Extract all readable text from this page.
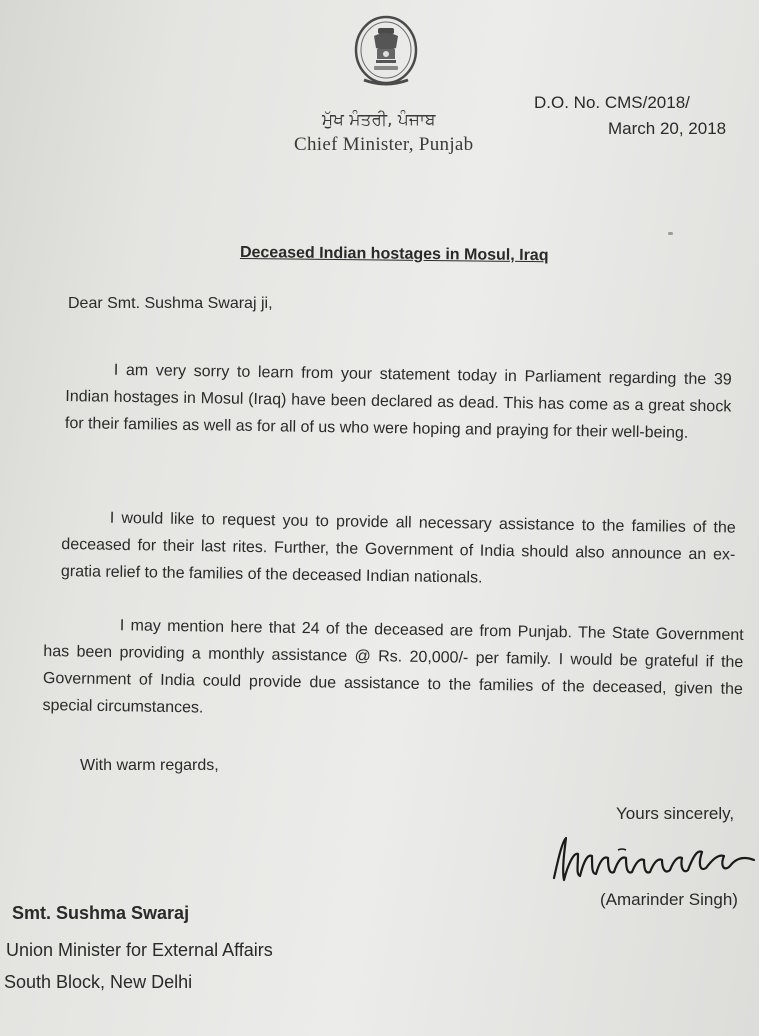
ਮੁੱਖ ਮੰਤਰੀ, ਪੰਜਾਬ
Chief Minister, Punjab
D.O. No. CMS/2018/
March 20, 2018
Deceased Indian hostages in Mosul, Iraq
Dear Smt. Sushma Swaraj ji,
I am very sorry to learn from your statement today in Parliament regarding the 39 Indian hostages in Mosul (Iraq) have been declared as dead. This has come as a great shock for their families as well as for all of us who were hoping and praying for their well-being.
I would like to request you to provide all necessary assistance to the families of the deceased for their last rites. Further, the Government of India should also announce an ex-gratia relief to the families of the deceased Indian nationals.
I may mention here that 24 of the deceased are from Punjab. The State Government has been providing a monthly assistance @ Rs. 20,000/- per family. I would be grateful if the Government of India could provide due assistance to the families of the deceased, given the special circumstances.
With warm regards,
Yours sincerely,
(Amarinder Singh)
Smt. Sushma Swaraj
Union Minister for External Affairs
South Block, New Delhi
